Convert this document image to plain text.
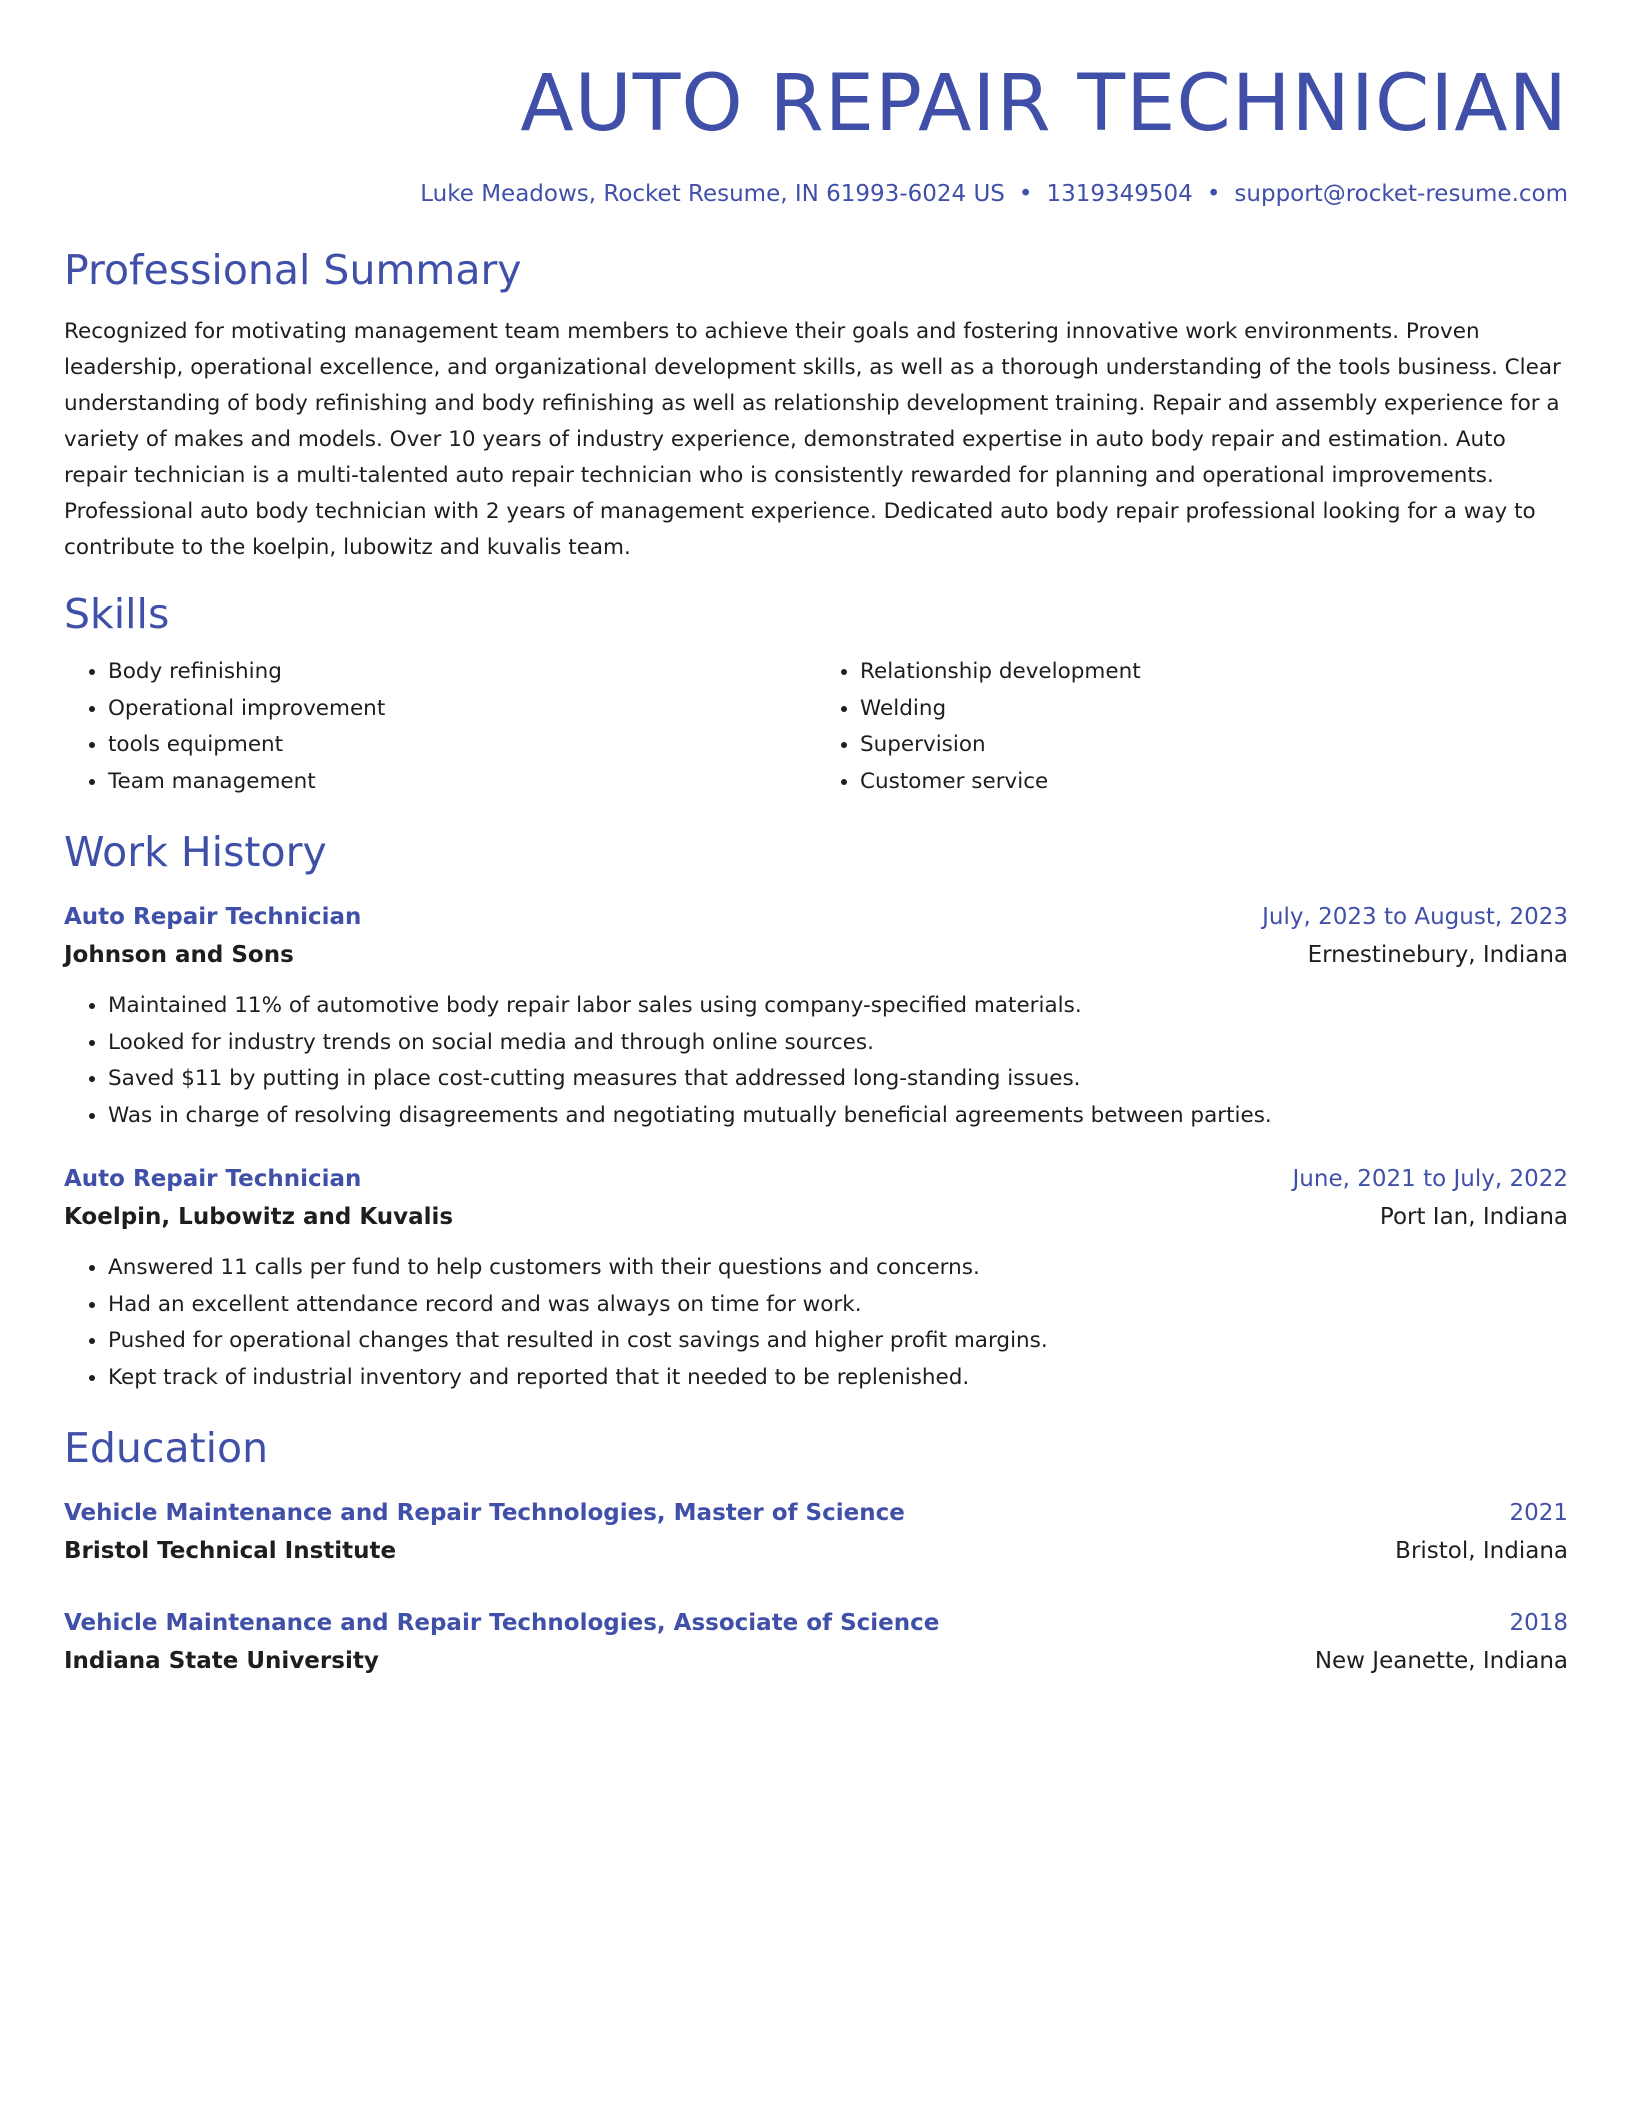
AUTO REPAIR TECHNICIAN
Luke Meadows, Rocket Resume, IN 61993-6024 US • 1319349504 • support@rocket-resume.com
Professional Summary
Recognized for motivating management team members to achieve their goals and fostering innovative work environments. Proven leadership, operational excellence, and organizational development skills, as well as a thorough understanding of the tools business. Clear understanding of body refinishing and body refinishing as well as relationship development training. Repair and assembly experience for a variety of makes and models. Over 10 years of industry experience, demonstrated expertise in auto body repair and estimation. Auto repair technician is a multi-talented auto repair technician who is consistently rewarded for planning and operational improvements. Professional auto body technician with 2 years of management experience. Dedicated auto body repair professional looking for a way to contribute to the koelpin, lubowitz and kuvalis team.
Skills
• Body refinishing
• Operational improvement
• tools equipment
• Team management
• Relationship development
• Welding
• Supervision
• Customer service
Work History
Auto Repair Technician	July, 2023 to August, 2023
Johnson and Sons	Ernestinebury, Indiana
• Maintained 11% of automotive body repair labor sales using company-specified materials.
• Looked for industry trends on social media and through online sources.
• Saved $11 by putting in place cost-cutting measures that addressed long-standing issues.
• Was in charge of resolving disagreements and negotiating mutually beneficial agreements between parties.
Auto Repair Technician	June, 2021 to July, 2022
Koelpin, Lubowitz and Kuvalis	Port Ian, Indiana
• Answered 11 calls per fund to help customers with their questions and concerns.
• Had an excellent attendance record and was always on time for work.
• Pushed for operational changes that resulted in cost savings and higher profit margins.
• Kept track of industrial inventory and reported that it needed to be replenished.
Education
Vehicle Maintenance and Repair Technologies, Master of Science	2021
Bristol Technical Institute	Bristol, Indiana
Vehicle Maintenance and Repair Technologies, Associate of Science	2018
Indiana State University	New Jeanette, Indiana
